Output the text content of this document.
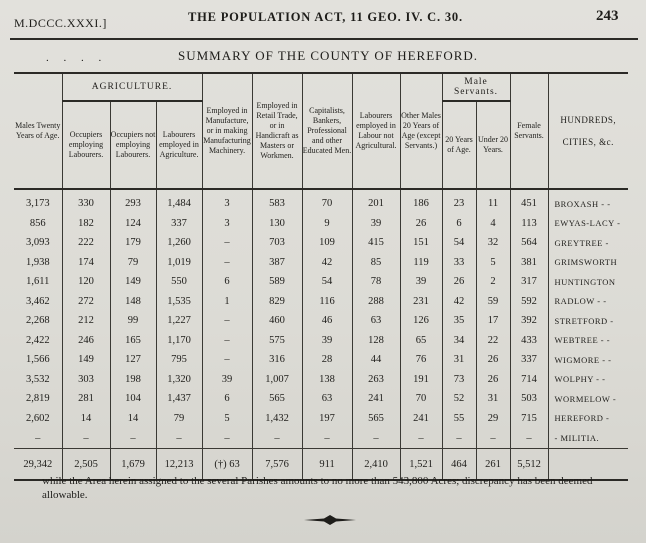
M.DCCC.XXXI.]	THE POPULATION ACT, 11 GEO. IV. C. 30.	243
. . . .	SUMMARY OF THE COUNTY OF HEREFORD.
Males Twenty Years of Age.	AGRICULTURE.			Employed in Manufacture, or in making Manufacturing Machinery.	Employed in Retail Trade, or in Handicraft as Masters or Workmen.	Capitalists, Bankers, Professional and other Educated Men.	Labourers employed in Labour not Agricultural.	Other Males 20 Years of Age (except Servants.)	Male Servants.		Female Servants.	HUNDREDS, CITIES, &c.
	Occupiers employing Labourers.	Occupiers not employing Labourers.	Labourers employed in Agriculture.						20 Years of Age.	Under 20 Years.		
3,173	330	293	1,484	3	583	70	201	186	23	11	451	BROXASH - -
856	182	124	337	3	130	9	39	26	6	4	113	EWYAS-LACY -
3,093	222	179	1,260	–	703	109	415	151	54	32	564	GREYTREE -
1,938	174	79	1,019	–	387	42	85	119	33	5	381	GRIMSWORTH
1,611	120	149	550	6	589	54	78	39	26	2	317	HUNTINGTON
3,462	272	148	1,535	1	829	116	288	231	42	59	592	RADLOW - -
2,268	212	99	1,227	–	460	46	63	126	35	17	392	STRETFORD -
2,422	246	165	1,170	–	575	39	128	65	34	22	433	WEBTREE - -
1,566	149	127	795	–	316	28	44	76	31	26	337	WIGMORE - -
3,532	303	198	1,320	39	1,007	138	263	191	73	26	714	WOLPHY - -
2,819	281	104	1,437	6	565	63	241	70	52	31	503	WORMELOW -
2,602	14	14	79	5	1,432	197	565	241	55	29	715	HEREFORD -
–	–	–	–	–	–	–	–	–	–	–	–	- MILITIA.
29,342	2,505	1,679	12,213	(†) 63	7,576	911	2,410	1,521	464	261	5,512	
while the Area herein assigned to the several Parishes amounts to no more than 543,800 Acres; discrepancy has been deemed allowable.
